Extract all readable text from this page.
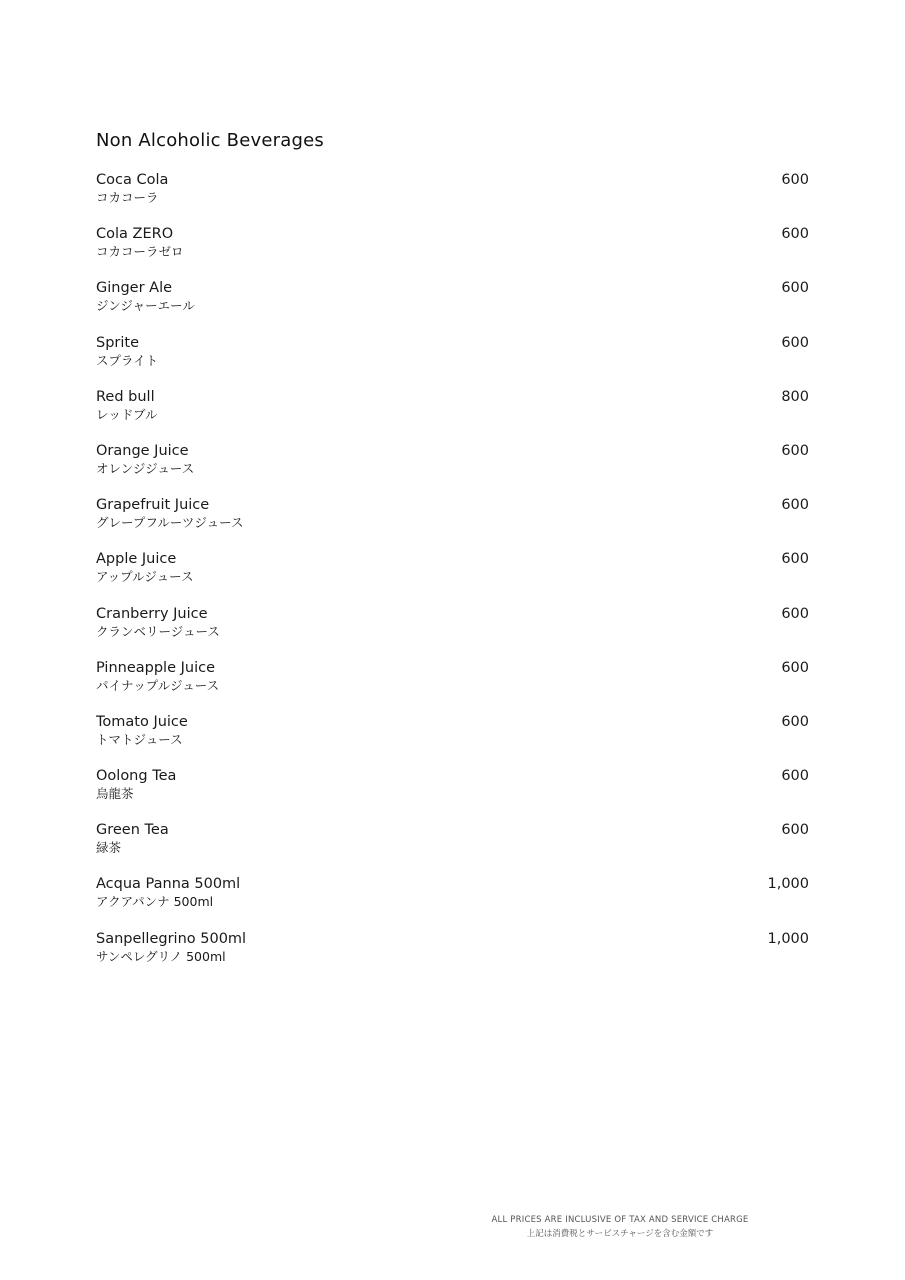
Non Alcoholic Beverages
Coca Cola
コカコーラ
600
Cola ZERO
コカコーラゼロ
600
Ginger Ale
ジンジャーエール
600
Sprite
スプライト
600
Red bull
レッドブル
800
Orange Juice
オレンジジュース
600
Grapefruit Juice
グレープフルーツジュース
600
Apple Juice
アップルジュース
600
Cranberry Juice
クランベリージュース
600
Pinneapple Juice
パイナップルジュース
600
Tomato Juice
トマトジュース
600
Oolong Tea
烏龍茶
600
Green Tea
緑茶
600
Acqua Panna 500ml
アクアパンナ 500ml
1,000
Sanpellegrino 500ml
サンペレグリノ 500ml
1,000
ALL PRICES ARE INCLUSIVE OF TAX AND SERVICE CHARGE
上記は消費税とサービスチャージを含む金額です
